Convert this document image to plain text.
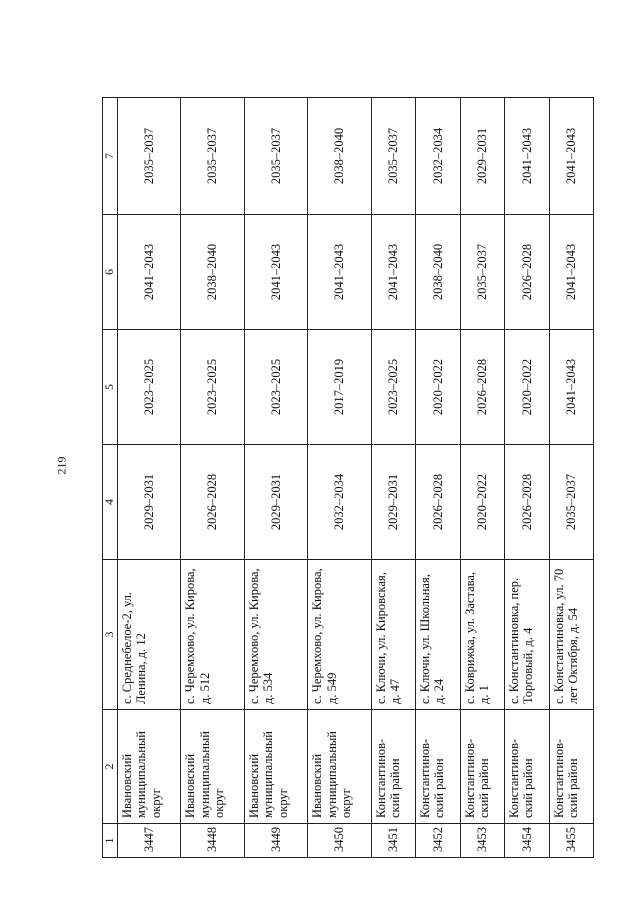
219
1	2	3	4	5	6	7
3447	Ивановский муниципальный округ	с. Среднебелое-2, ул. Ленина, д. 12	2029–2031	2023–2025	2041–2043	2035–2037
3448	Ивановский муниципальный округ	с. Черемхово, ул. Кирова, д. 512	2026–2028	2023–2025	2038–2040	2035–2037
3449	Ивановский муниципальный округ	с. Черемхово, ул. Кирова, д. 534	2029–2031	2023–2025	2041–2043	2035–2037
3450	Ивановский муниципальный округ	с. Черемхово, ул. Кирова, д. 549	2032–2034	2017–2019	2041–2043	2038–2040
3451	Константинов-ский район	с. Ключи, ул. Кировская, д. 47	2029–2031	2023–2025	2041–2043	2035–2037
3452	Константинов-ский район	с. Ключи, ул. Школьная, д. 24	2026–2028	2020–2022	2038–2040	2032–2034
3453	Константинов-ский район	с. Коврижка, ул. Застава, д. 1	2020–2022	2026–2028	2035–2037	2029–2031
3454	Константинов-ский район	с. Константиновка, пер. Торговый, д. 4	2026–2028	2020–2022	2026–2028	2041–2043
3455	Константинов-ский район	с. Константиновка, ул. 70 лет Октября, д. 54	2035–2037	2041–2043	2041–2043	2041–2043
